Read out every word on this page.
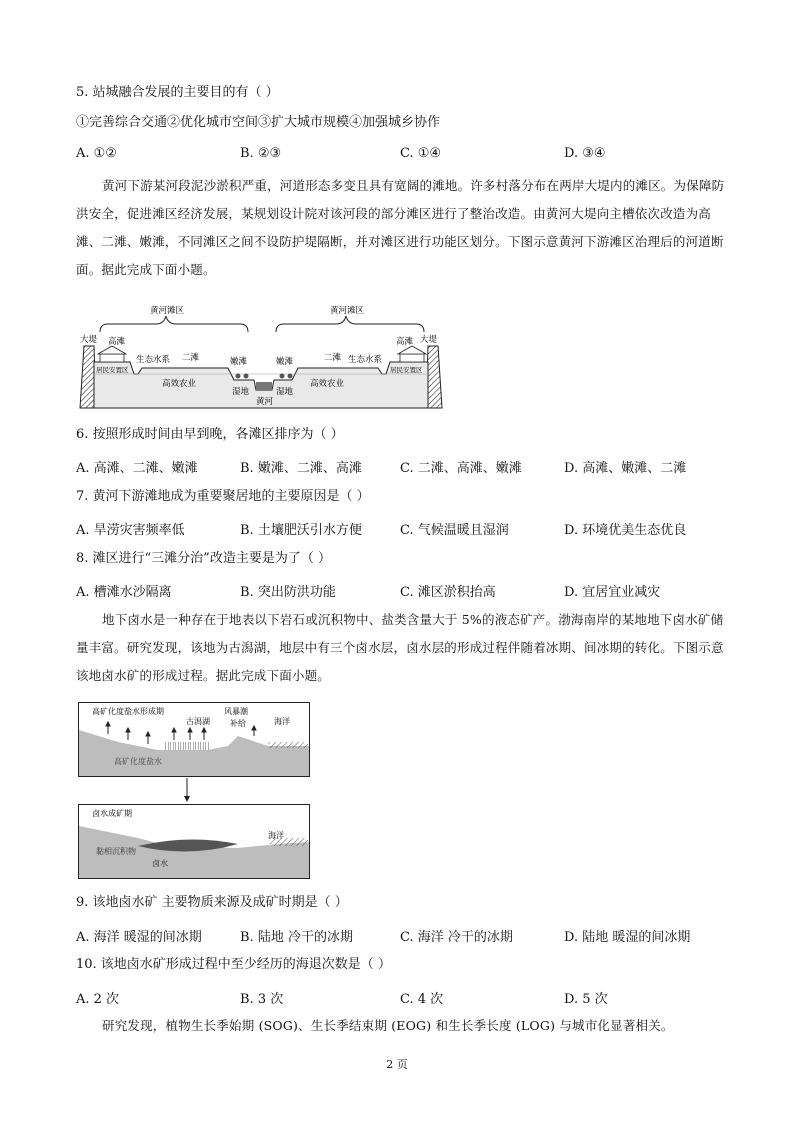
5. 站城融合发展的主要目的有（ ）
①完善综合交通②优化城市空间③扩大城市规模④加强城乡协作
A. ①②	B. ②③	C. ①④	D. ③④
黄河下游某河段泥沙淤积严重，河道形态多变且具有宽阔的滩地。许多村落分布在两岸大堤内的滩区。为保障防洪安全，促进滩区经济发展，某规划设计院对该河段的部分滩区进行了整治改造。由黄河大堤向主槽依次改造为高滩、二滩、嫩滩，不同滩区之间不设防护堤隔断，并对滩区进行功能区划分。下图示意黄河下游滩区治理后的河道断面。据此完成下面小题。
黄河滩区	黄河滩区
大堤	大堤
高滩	高滩
生态水系	生态水系
二滩	二滩
嫩滩	嫩滩
居民安置区	居民安置区
高效农业	高效农业
湿地	湿地
黄河
6. 按照形成时间由早到晚，各滩区排序为（ ）
A. 高滩、二滩、嫩滩	B. 嫩滩、二滩、高滩	C. 二滩、高滩、嫩滩	D. 高滩、嫩滩、二滩
7. 黄河下游滩地成为重要聚居地的主要原因是（ ）
A. 旱涝灾害频率低	B. 土壤肥沃引水方便	C. 气候温暖且湿润	D. 环境优美生态优良
8. 滩区进行“三滩分治”改造主要是为了（ ）
A. 槽滩水沙隔离	B. 突出防洪功能	C. 滩区淤积抬高	D. 宜居宜业减灾
地下卤水是一种存在于地表以下岩石或沉积物中、盐类含量大于 5%的液态矿产。渤海南岸的某地地下卤水矿储量丰富。研究发现，该地为古潟湖，地层中有三个卤水层，卤水层的形成过程伴随着冰期、间冰期的转化。下图示意该地卤水矿的形成过程。据此完成下面小题。
高矿化度盐水形成期
古潟湖
风暴潮
补给	海洋
高矿化度盐水
卤水成矿期
海洋
黏相沉积物
卤水
9. 该地卤水矿 主要物质来源及成矿时期是（ ）
A. 海洋 暖湿的间冰期	B. 陆地 冷干的冰期	C. 海洋 冷干的冰期	D. 陆地 暖湿的间冰期
10. 该地卤水矿形成过程中至少经历的海退次数是（ ）
A. 2 次	B. 3 次	C. 4 次	D. 5 次
研究发现，植物生长季始期 (SOG)、生长季结束期 (EOG) 和生长季长度 (LOG) 与城市化显著相关。
2 页
